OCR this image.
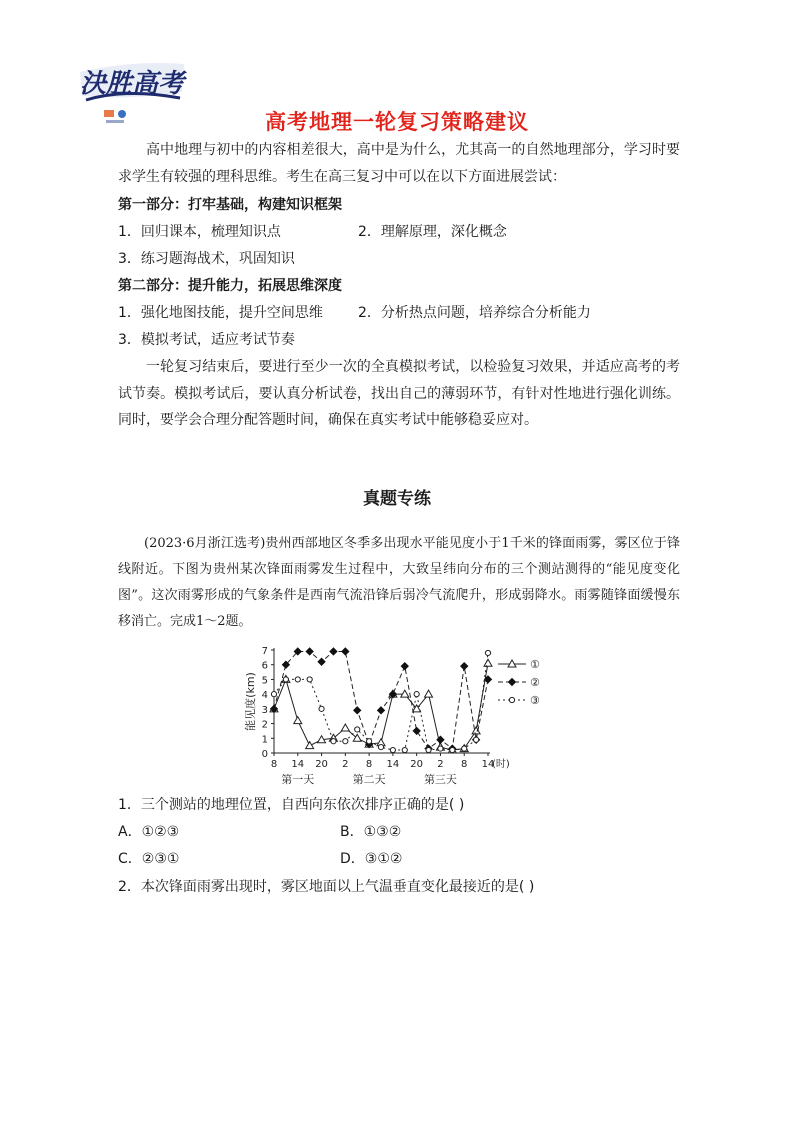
決胜高考
高考地理一轮复习策略建议
高中地理与初中的内容相差很大，高中是为什么，尤其高一的自然地理部分，学习时要求学生有较强的理科思维。考生在高三复习中可以在以下方面进展尝试：
第一部分：打牢基础，构建知识框架
1．回归课本，梳理知识点	2．理解原理，深化概念
3．练习题海战术，巩固知识
第二部分：提升能力，拓展思维深度
1．强化地图技能，提升空间思维	2．分析热点问题，培养综合分析能力
3．模拟考试，适应考试节奏
一轮复习结束后，要进行至少一次的全真模拟考试，以检验复习效果，并适应高考的考试节奏。模拟考试后，要认真分析试卷，找出自己的薄弱环节，有针对性地进行强化训练。同时，要学会合理分配答题时间，确保在真实考试中能够稳妥应对。
真题专练
(2023·6月浙江选考)贵州西部地区冬季多出现水平能见度小于1千米的锋面雨雾，雾区位于锋线附近。下图为贵州某次锋面雨雾发生过程中，大致呈纬向分布的三个测站测得的“能见度变化图”。这次雨雾形成的气象条件是西南气流沿锋后弱冷气流爬升，形成弱降水。雨雾随锋面缓慢东移消亡。完成1～2题。
0
1
2
3
4
5
6
7
能见度(km)
8 14 20 2 8 14 20 2 8 14
(时)
第一天	第二天	第三天
①
②
③
1．三个测站的地理位置，自西向东依次排序正确的是( )
A．①②③	B．①③②
C．②③①	D．③①②
2．本次锋面雨雾出现时，雾区地面以上气温垂直变化最接近的是( )
